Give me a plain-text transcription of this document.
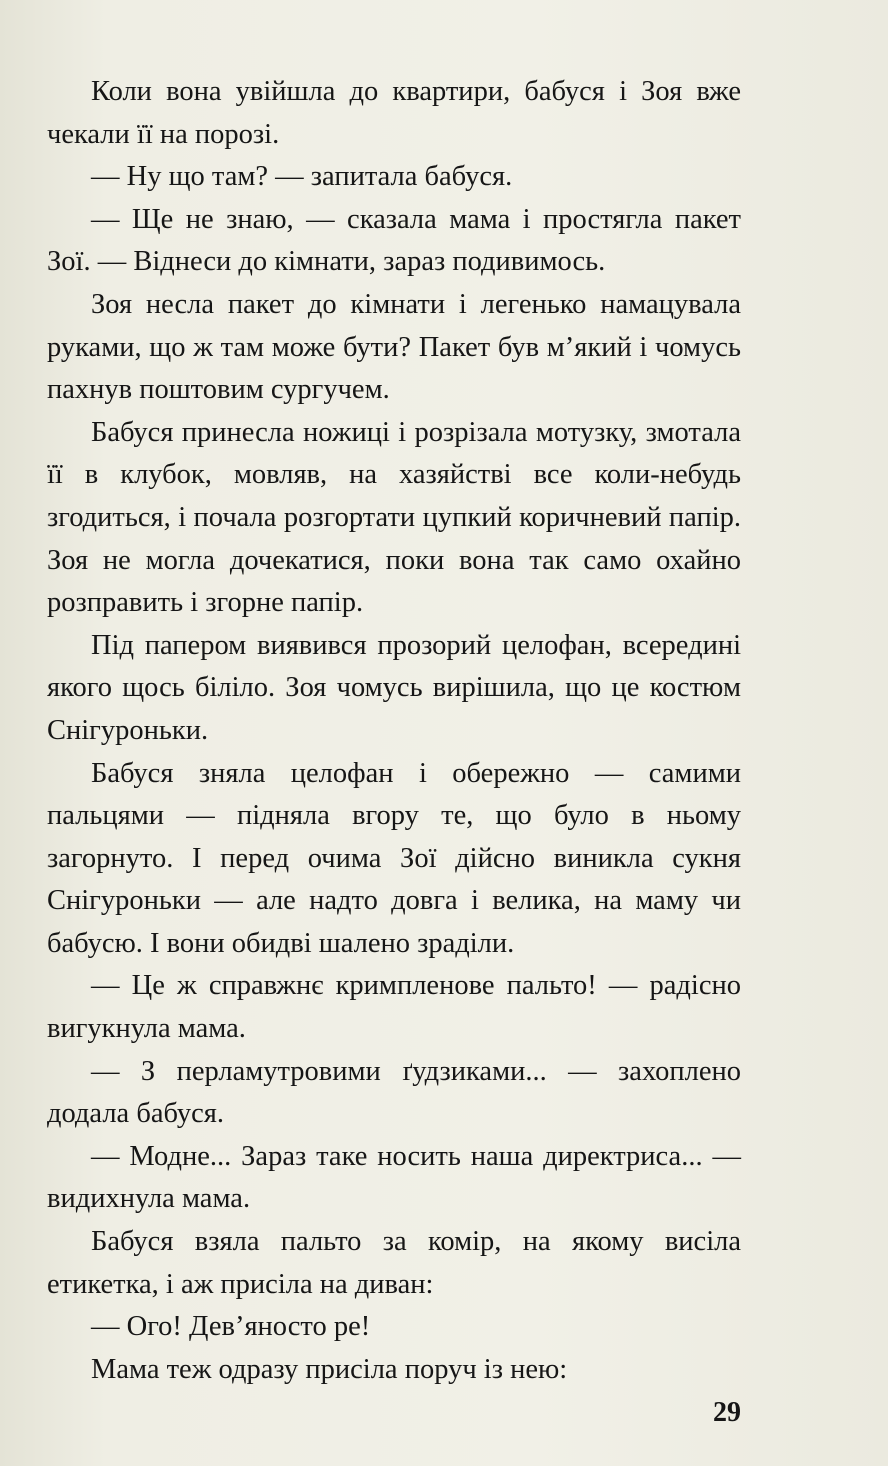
Коли вона увійшла до квартири, бабуся і Зоя вже чекали її на порозі.

— Ну що там? — запитала бабуся.

— Ще не знаю, — сказала мама і простягла пакет Зої. — Віднеси до кімнати, зараз подивимось.

Зоя несла пакет до кімнати і легенько намацувала руками, що ж там може бути? Пакет був м’який і чомусь пахнув поштовим сургучем.

Бабуся принесла ножиці і розрізала мотузку, змотала її в клубок, мовляв, на хазяйстві все коли-небудь згодиться, і почала розгортати цупкий коричневий папір. Зоя не могла дочекатися, поки вона так само охайно розправить і згорне папір.

Під папером виявився прозорий целофан, всередині якого щось біліло. Зоя чомусь вирішила, що це костюм Снігуроньки.

Бабуся зняла целофан і обережно — самими пальцями — підняла вгору те, що було в ньому загорнуто. І перед очима Зої дійсно виникла сукня Снігуроньки — але надто довга і велика, на маму чи бабусю. І вони обидві шалено зраділи.

— Це ж справжнє кримпленове пальто! — радісно вигукнула мама.

— З перламутровими ґудзиками... — захоплено додала бабуся.

— Модне... Зараз таке носить наша директриса... — видихнула мама.

Бабуся взяла пальто за комір, на якому висіла етикетка, і аж присіла на диван:

— Ого! Дев’яносто ре!

Мама теж одразу присіла поруч із нею:

29
